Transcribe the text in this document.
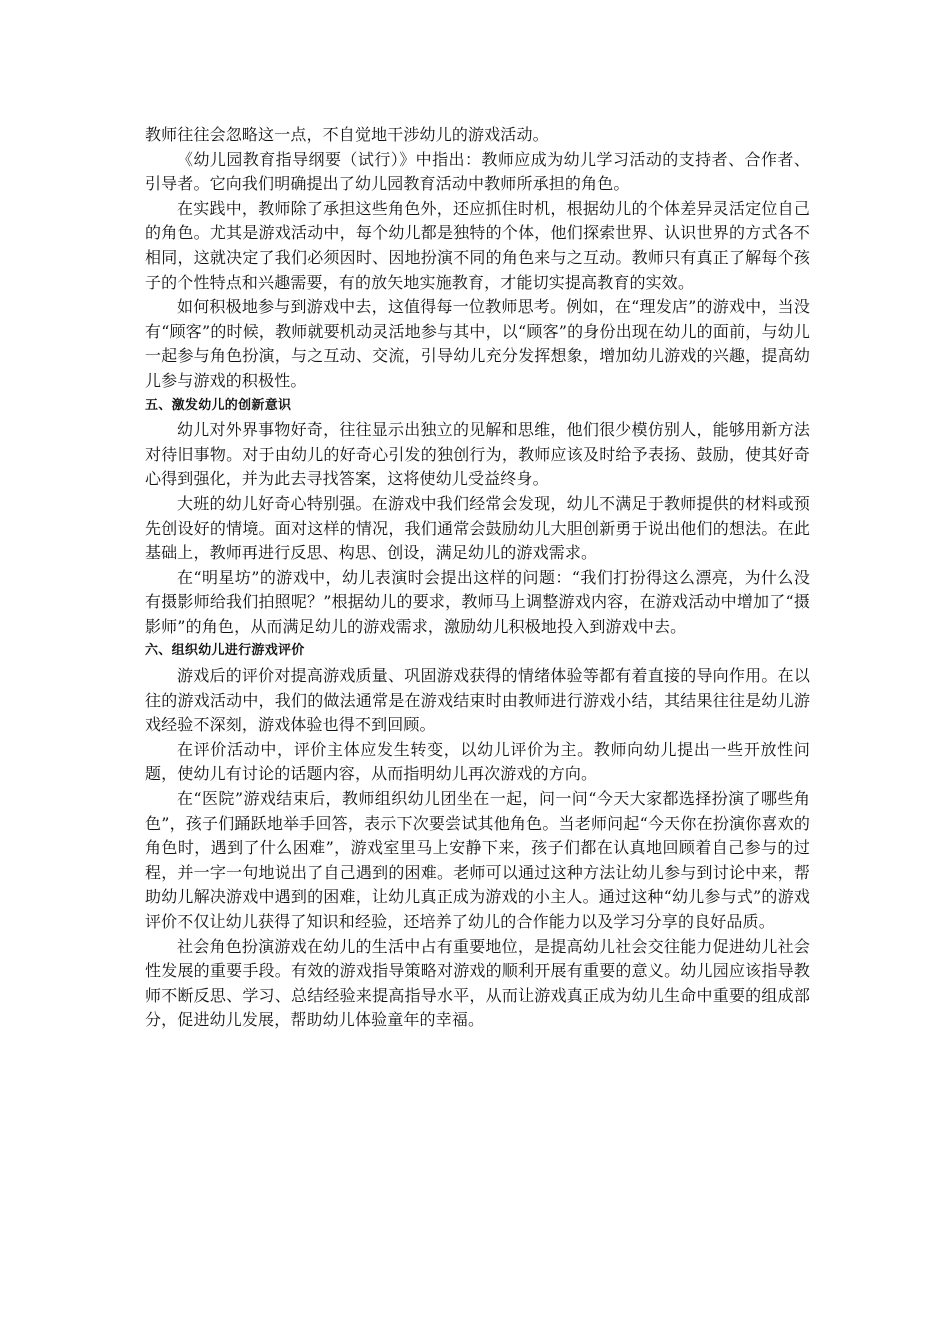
教师往往会忽略这一点，不自觉地干涉幼儿的游戏活动。

《幼儿园教育指导纲要（试行）》中指出：教师应成为幼儿学习活动的支持者、合作者、引导者。它向我们明确提出了幼儿园教育活动中教师所承担的角色。

在实践中，教师除了承担这些角色外，还应抓住时机，根据幼儿的个体差异灵活定位自己的角色。尤其是游戏活动中，每个幼儿都是独特的个体，他们探索世界、认识世界的方式各不相同，这就决定了我们必须因时、因地扮演不同的角色来与之互动。教师只有真正了解每个孩子的个性特点和兴趣需要，有的放矢地实施教育，才能切实提高教育的实效。

如何积极地参与到游戏中去，这值得每一位教师思考。例如，在“理发店”的游戏中，当没有“顾客”的时候，教师就要机动灵活地参与其中，以“顾客”的身份出现在幼儿的面前，与幼儿一起参与角色扮演，与之互动、交流，引导幼儿充分发挥想象，增加幼儿游戏的兴趣，提高幼儿参与游戏的积极性。

五、激发幼儿的创新意识

幼儿对外界事物好奇，往往显示出独立的见解和思维，他们很少模仿别人，能够用新方法对待旧事物。对于由幼儿的好奇心引发的独创行为，教师应该及时给予表扬、鼓励，使其好奇心得到强化，并为此去寻找答案，这将使幼儿受益终身。

大班的幼儿好奇心特别强。在游戏中我们经常会发现，幼儿不满足于教师提供的材料或预先创设好的情境。面对这样的情况，我们通常会鼓励幼儿大胆创新勇于说出他们的想法。在此基础上，教师再进行反思、构思、创设，满足幼儿的游戏需求。

在“明星坊”的游戏中，幼儿表演时会提出这样的问题：“我们打扮得这么漂亮，为什么没有摄影师给我们拍照呢？”根据幼儿的要求，教师马上调整游戏内容，在游戏活动中增加了“摄影师”的角色，从而满足幼儿的游戏需求，激励幼儿积极地投入到游戏中去。

六、组织幼儿进行游戏评价

游戏后的评价对提高游戏质量、巩固游戏获得的情绪体验等都有着直接的导向作用。在以往的游戏活动中，我们的做法通常是在游戏结束时由教师进行游戏小结，其结果往往是幼儿游戏经验不深刻，游戏体验也得不到回顾。

在评价活动中，评价主体应发生转变，以幼儿评价为主。教师向幼儿提出一些开放性问题，使幼儿有讨论的话题内容，从而指明幼儿再次游戏的方向。

在“医院”游戏结束后，教师组织幼儿团坐在一起，问一问“今天大家都选择扮演了哪些角色”，孩子们踊跃地举手回答，表示下次要尝试其他角色。当老师问起“今天你在扮演你喜欢的角色时，遇到了什么困难”，游戏室里马上安静下来，孩子们都在认真地回顾着自己参与的过程，并一字一句地说出了自己遇到的困难。老师可以通过这种方法让幼儿参与到讨论中来，帮助幼儿解决游戏中遇到的困难，让幼儿真正成为游戏的小主人。通过这种“幼儿参与式”的游戏评价不仅让幼儿获得了知识和经验，还培养了幼儿的合作能力以及学习分享的良好品质。

社会角色扮演游戏在幼儿的生活中占有重要地位，是提高幼儿社会交往能力促进幼儿社会性发展的重要手段。有效的游戏指导策略对游戏的顺利开展有重要的意义。幼儿园应该指导教师不断反思、学习、总结经验来提高指导水平，从而让游戏真正成为幼儿生命中重要的组成部分，促进幼儿发展，帮助幼儿体验童年的幸福。
